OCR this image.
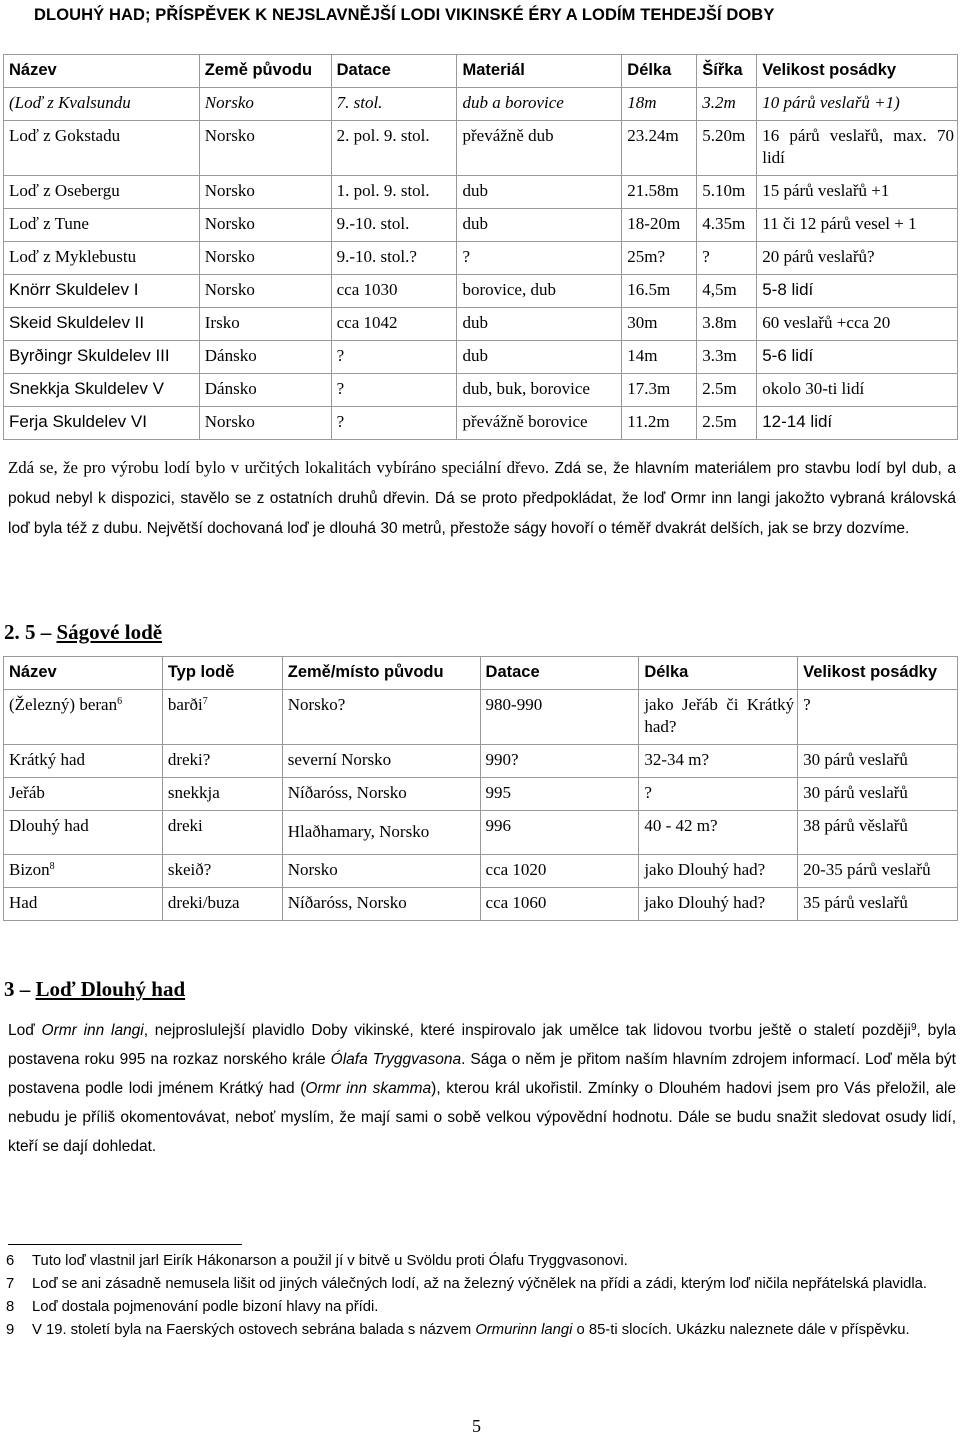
DLOUHÝ HAD; PŘÍSPĚVEK K NEJSLAVNĚJŠÍ LODI VIKINSKÉ ÉRY A LODÍM TEHDEJŠÍ DOBY
Název	Země původu	Datace	Materiál	Délka	Šířka	Velikost posádky
(Loď z Kvalsundu	Norsko	7. stol.	dub a borovice	18m	3.2m	10 párů veslařů +1)
Loď z Gokstadu	Norsko	2. pol. 9. stol.	převážně dub	23.24m	5.20m	16 párů veslařů, max. 70 lidí
Loď z Osebergu	Norsko	1. pol. 9. stol.	dub	21.58m	5.10m	15 párů veslařů +1
Loď z Tune	Norsko	9.-10. stol.	dub	18-20m	4.35m	11 či 12 párů vesel + 1
Loď z Myklebustu	Norsko	9.-10. stol.?	?	25m?	?	20 párů veslařů?
Knörr Skuldelev I	Norsko	cca 1030	borovice, dub	16.5m	4,5m	5-8 lidí
Skeid Skuldelev II	Irsko	cca 1042	dub	30m	3.8m	60 veslařů +cca 20
Byrðingr Skuldelev III	Dánsko	?	dub	14m	3.3m	5-6 lidí
Snekkja Skuldelev V	Dánsko	?	dub, buk, borovice	17.3m	2.5m	okolo 30-ti lidí
Ferja Skuldelev VI	Norsko	?	převážně borovice	11.2m	2.5m	12-14 lidí
Zdá se, že pro výrobu lodí bylo v určitých lokalitách vybíráno speciální dřevo. Zdá se, že hlavním materiálem pro stavbu lodí byl dub, a pokud nebyl k dispozici, stavělo se z ostatních druhů dřevin. Dá se proto předpokládat, že loď Ormr inn langi jakožto vybraná královská loď byla též z dubu. Největší dochovaná loď je dlouhá 30 metrů, přestože ságy hovoří o téměř dvakrát delších, jak se brzy dozvíme.
2. 5 – Ságové lodě
Název	Typ lodě	Země/místo původu	Datace	Délka	Velikost posádky
(Železný) beran$^6$	barði$^7$	Norsko?	980-990	jako Jeřáb či Krátký had?	?
Krátký had	dreki?	severní Norsko	990?	32-34 m?	30 párů veslařů
Jeřáb	snekkja	Níðaróss, Norsko	995	?	30 párů veslařů
Dlouhý had	dreki	Hlaðhamary, Norsko	996	40 - 42 m?	38 párů věslařů
Bizon$^8$	skeið?	Norsko	cca 1020	jako Dlouhý had?	20-35 párů veslařů
Had	dreki/buza	Níðaróss, Norsko	cca 1060	jako Dlouhý had?	35 párů veslařů
3 – Loď Dlouhý had
Loď Ormr inn langi, nejproslulejší plavidlo Doby vikinské, které inspirovalo jak umělce tak lidovou tvorbu ještě o staletí později$^9$, byla postavena roku 995 na rozkaz norského krále Ólafa Tryggvasona. Sága o něm je přitom naším hlavním zdrojem informací. Loď měla být postavena podle lodi jménem Krátký had (Ormr inn skamma), kterou král ukořistil. Zmínky o Dlouhém hadovi jsem pro Vás přeložil, ale nebudu je příliš okomentovávat, neboť myslím, že mají sami o sobě velkou výpovědní hodnotu. Dále se budu snažit sledovat osudy lidí, kteří se dají dohledat.
6	Tuto loď vlastnil jarl Eirík Hákonarson a použil jí v bitvě u Svöldu proti Ólafu Tryggvasonovi.
7	Loď se ani zásadně nemusela lišit od jiných válečných lodí, až na železný výčnělek na přídi a zádi, kterým loď ničila nepřátelská plavidla.
8	Loď dostala pojmenování podle bizoní hlavy na přídi.
9	V 19. století byla na Faerských ostovech sebrána balada s názvem Ormurinn langi o 85-ti slocích. Ukázku naleznete dále v příspěvku.
5
